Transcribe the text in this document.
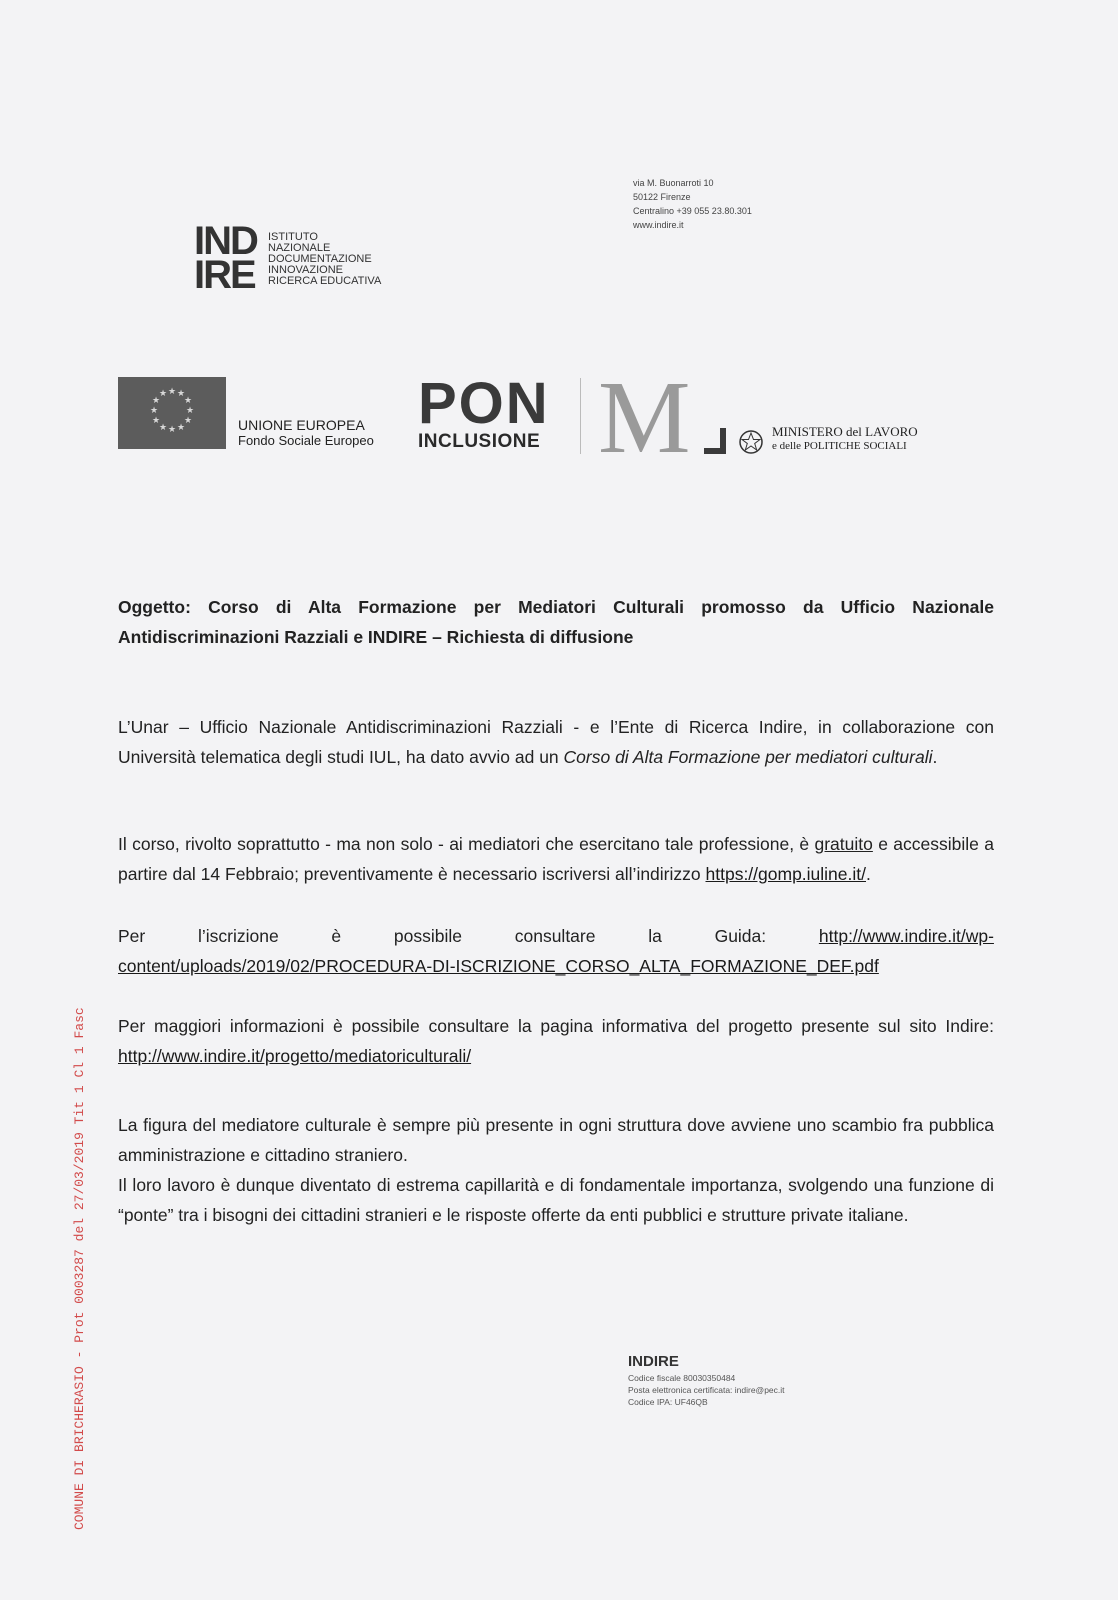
via M. Buonarroti 10
50122 Firenze
Centralino +39 055 23.80.301
www.indire.it
IND
IRE
ISTITUTO
NAZIONALE
DOCUMENTAZIONE
INNOVAZIONE
RICERCA EDUCATIVA
★ ★
★
★
★
★
★
★
★
★
★
★
UNIONE EUROPEA
Fondo Sociale Europeo
PON
INCLUSIONE M	MINISTERO del LAVORO
e delle POLITICHE SOCIALI
Oggetto: Corso di Alta Formazione per Mediatori Culturali promosso da Ufficio Nazionale Antidiscriminazioni Razziali e INDIRE – Richiesta di diffusione
L’Unar – Ufficio Nazionale Antidiscriminazioni Razziali - e l’Ente di Ricerca Indire, in collaborazione con Università telematica degli studi IUL, ha dato avvio ad un Corso di Alta Formazione per mediatori culturali.
Il corso, rivolto soprattutto - ma non solo - ai mediatori che esercitano tale professione, è gratuito e accessibile a partire dal 14 Febbraio; preventivamente è necessario iscriversi all’indirizzo https://gomp.iuline.it/.
Per	l’iscrizione	è	possibile	consultare	la	Guida:	http://www.indire.it/wp-
content/uploads/2019/02/PROCEDURA-DI-ISCRIZIONE_CORSO_ALTA_FORMAZIONE_DEF.pdf
Per maggiori informazioni è possibile consultare la pagina informativa del progetto presente sul sito Indire: http://www.indire.it/progetto/mediatoriculturali/
La figura del mediatore culturale è sempre più presente in ogni struttura dove avviene uno scambio fra pubblica amministrazione e cittadino straniero.
Il loro lavoro è dunque diventato di estrema capillarità e di fondamentale importanza, svolgendo una funzione di “ponte” tra i bisogni dei cittadini stranieri e le risposte offerte da enti pubblici e strutture private italiane.
INDIRE
Codice fiscale 80030350484
Posta elettronica certificata: indire@pec.it
Codice IPA: UF46QB
COMUNE DI BRICHERASIO - Prot 0003287 del 27/03/2019 Tit 1 Cl 1 Fasc
